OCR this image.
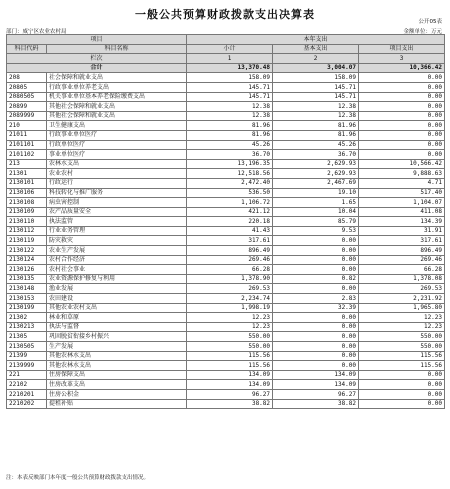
一般公共预算财政拨款支出决算表
公开05表
部门：威宁区农业农村局	金额单位：万元
项目		本年支出		
科目代码	科目名称	小计	基本支出	项目支出
栏次		1	2	3
合计		13,370.48	3,004.07	10,366.42
208	社会保障和就业支出	158.09	158.09	0.00
20805	行政事业单位养老支出	145.71	145.71	0.00
2080505	机关事业单位基本养老保险缴费支出	145.71	145.71	0.00
20899	其他社会保障和就业支出	12.38	12.38	0.00
2089999	其他社会保障和就业支出	12.38	12.38	0.00
210	卫生健康支出	81.96	81.96	0.00
21011	行政事业单位医疗	81.96	81.96	0.00
2101101	行政单位医疗	45.26	45.26	0.00
2101102	事业单位医疗	36.70	36.70	0.00
213	农林水支出	13,196.35	2,629.93	10,566.42
21301	农业农村	12,518.56	2,629.93	9,888.63
2130101	行政运行	2,472.40	2,467.69	4.71
2130106	科技转化与推广服务	536.50	19.10	517.40
2130108	病虫害控制	1,106.72	1.65	1,104.07
2130109	农产品质量安全	421.12	10.04	411.08
2130110	执法监管	220.18	85.79	134.39
2130112	行业业务管理	41.43	9.53	31.91
2130119	防灾救灾	317.61	0.00	317.61
2130122	农业生产发展	896.49	0.00	896.49
2130124	农村合作经济	269.46	0.00	269.46
2130126	农村社会事业	66.28	0.00	66.28
2130135	农业资源保护修复与利用	1,378.90	0.82	1,378.08
2130148	渔业发展	269.53	0.00	269.53
2130153	农田建设	2,234.74	2.83	2,231.92
2130199	其他农业农村支出	1,998.19	32.39	1,965.80
21302	林业和草原	12.23	0.00	12.23
2130213	执法与监督	12.23	0.00	12.23
21305	巩固脱贫衔接乡村振兴	550.00	0.00	550.00
2130505	生产发展	550.00	0.00	550.00
21399	其他农林水支出	115.56	0.00	115.56
2139999	其他农林水支出	115.56	0.00	115.56
221	住房保障支出	134.09	134.09	0.00
22102	住房改革支出	134.09	134.09	0.00
2210201	住房公积金	96.27	96.27	0.00
2210202	提租补贴	38.82	38.82	0.00
注：本表反映部门本年度一般公共预算财政拨款支出情况。
